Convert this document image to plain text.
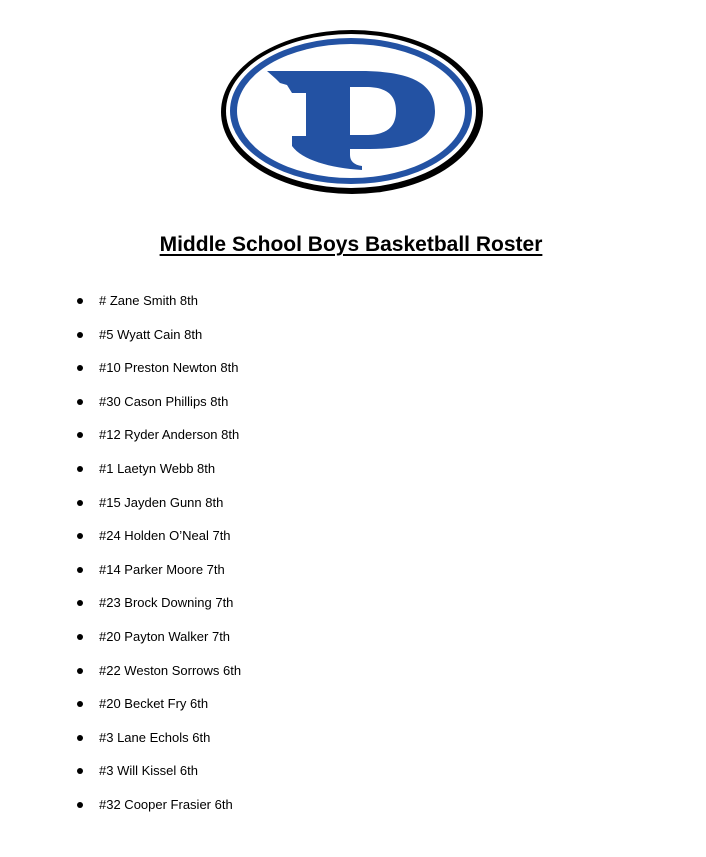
Middle School Boys Basketball Roster
# Zane Smith 8th
#5 Wyatt Cain 8th
#10 Preston Newton 8th
#30 Cason Phillips 8th
#12 Ryder Anderson 8th
#1 Laetyn Webb 8th
#15 Jayden Gunn 8th
#24 Holden O’Neal 7th
#14 Parker Moore 7th
#23 Brock Downing 7th
#20 Payton Walker 7th
#22 Weston Sorrows 6th
#20 Becket Fry 6th
#3 Lane Echols 6th
#3 Will Kissel 6th
#32 Cooper Frasier 6th
